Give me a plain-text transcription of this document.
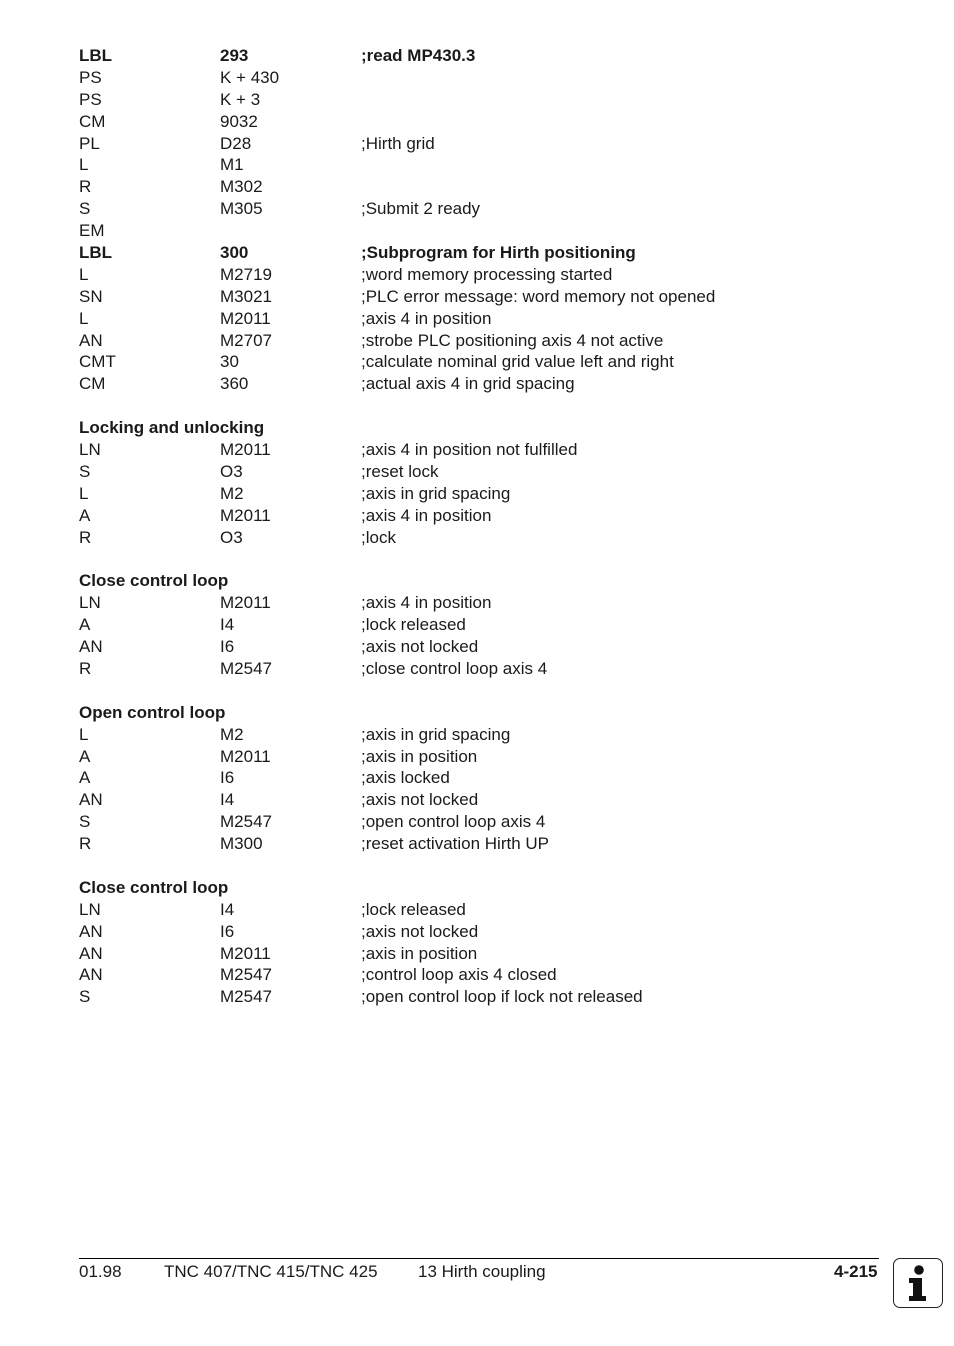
LBL	293	;read MP430.3
PS	K + 430
PS	K + 3
CM	9032
PL	D28	;Hirth grid
L	M1
R	M302
S	M305	;Submit 2 ready
EM
LBL	300	;Subprogram for Hirth positioning
L	M2719	;word memory processing started
SN	M3021	;PLC error message: word memory not opened
L	M2011	;axis 4 in position
AN	M2707	;strobe PLC positioning axis 4 not active
CMT	30	;calculate nominal grid value left and right
CM	360	;actual axis 4 in grid spacing
Locking and unlocking
LN	M2011	;axis 4 in position not fulfilled
S	O3	;reset lock
L	M2	;axis in grid spacing
A	M2011	;axis 4 in position
R	O3	;lock
Close control loop
LN	M2011	;axis 4 in position
A	I4	;lock released
AN	I6	;axis not locked
R	M2547	;close control loop axis 4
Open control loop
L	M2	;axis in grid spacing
A	M2011	;axis in position
A	I6	;axis locked
AN	I4	;axis not locked
S	M2547	;open control loop axis 4
R	M300	;reset activation Hirth UP
Close control loop
LN	I4	;lock released
AN	I6	;axis not locked
AN	M2011	;axis in position
AN	M2547	;control loop axis 4 closed
S	M2547	;open control loop if lock not released
01.98 TNC 407/TNC 415/TNC 425 13 Hirth coupling	4-215
